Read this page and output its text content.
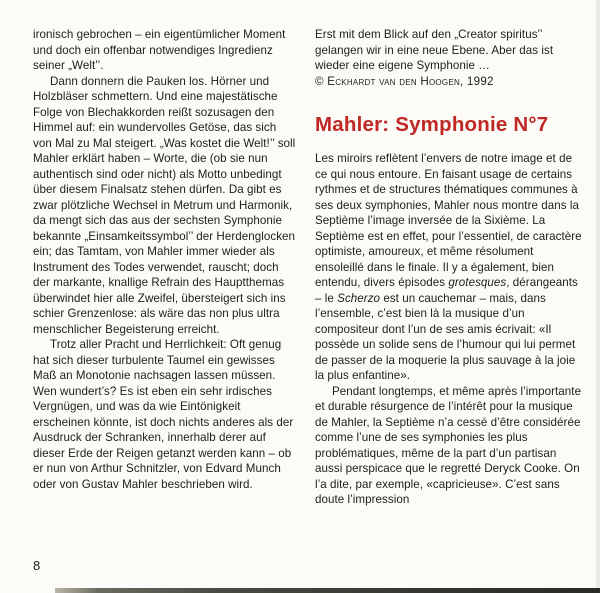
ironisch gebrochen – ein eigentümlicher Moment und doch ein offenbar notwendiges Ingredienz seiner „Welt’’.

Dann donnern die Pauken los. Hörner und Holzbläser schmettern. Und eine majestätische Folge von Blechakkorden reißt sozusagen den Himmel auf: ein wundervolles Getöse, das sich von Mal zu Mal steigert. „Was kostet die Welt!’’ soll Mahler erklärt haben – Worte, die (ob sie nun authentisch sind oder nicht) als Motto unbedingt über diesem Finalsatz stehen dürfen. Da gibt es zwar plötzliche Wechsel in Metrum und Harmonik, da mengt sich das aus der sechsten Symphonie bekannte „Einsamkeitssymbol’’ der Herdenglocken ein; das Tamtam, von Mahler immer wieder als Instrument des Todes verwendet, rauscht; doch der markante, knallige Refrain des Hauptthemas überwindet hier alle Zweifel, übersteigert sich ins schier Grenzenlose: als wäre das non plus ultra menschlicher Begeisterung erreicht.

Trotz aller Pracht und Herrlichkeit: Oft genug hat sich dieser turbulente Taumel ein gewisses Maß an Monotonie nachsagen lassen müssen. Wen wundert’s? Es ist eben ein sehr irdisches Vergnügen, und was da wie Eintönigkeit erscheinen könnte, ist doch nichts anderes als der Ausdruck der Schranken, innerhalb derer auf dieser Erde der Reigen getanzt werden kann – ob er nun von Arthur Schnitzler, von Edvard Munch oder von Gustav Mahler beschrieben wird.

Erst mit dem Blick auf den „Creator spiritus’’ gelangen wir in eine neue Ebene. Aber das ist wieder eine eigene Symphonie …

© Eckhardt van den Hoogen, 1992

Mahler: Symphonie N°7

Les miroirs reflètent l’envers de notre image et de ce qui nous entoure. En faisant usage de certains rythmes et de structures thématiques communes à ses deux symphonies, Mahler nous montre dans la Septième l’image inversée de la Sixième. La Septième est en effet, pour l’essentiel, de caractère optimiste, amoureux, et même résolument ensoleillé dans le finale. Il y a également, bien entendu, divers épisodes grotesques, dérangeants – le Scherzo est un cauchemar – mais, dans l’ensemble, c’est bien là la musique d’un compositeur dont l’un de ses amis écrivait: «Il possède un solide sens de l’humour qui lui permet de passer de la moquerie la plus sauvage à la joie la plus enfantine».

Pendant longtemps, et même après l’importante et durable résurgence de l’intérêt pour la musique de Mahler, la Septième n’a cessé d’être considérée comme l’une de ses symphonies les plus problématiques, même de la part d’un partisan aussi perspicace que le regretté Deryck Cooke. On l’a dite, par exemple, «capricieuse». C’est sans doute l’impression

8
